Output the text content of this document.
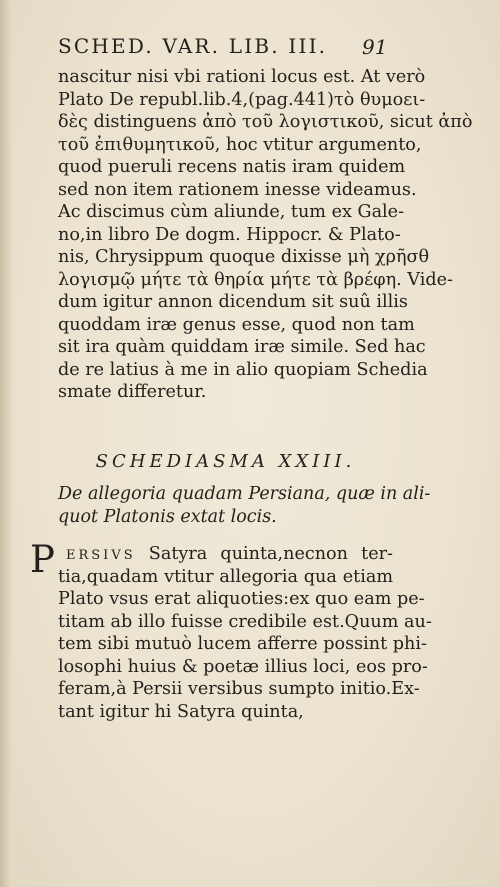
SCHED. VAR. LIB. III.	91
nascitur nisi vbi rationi locus est. At verò
Plato De republ.lib.4,(pag.441)τὸ θυμοει-
δὲς distinguens ἀπὸ τοῦ λογιστικοῦ, sicut ἀπὸ
τοῦ ἐπιθυμητικοῦ, hoc vtitur argumento,
quod pueruli recens natis iram quidem
sed non item rationem inesse videamus.
Ac discimus cùm aliunde, tum ex Gale-
no,in libro De dogm. Hippocr. & Plato-
nis, Chrysippum quoque dixisse μὴ χρῆσθ
λογισμῷ μήτε τὰ θηρία μήτε τὰ βρέφη. Vide-
dum igitur annon dicendum sit suû illis
quoddam iræ genus esse, quod non tam
sit ira quàm quiddam iræ simile. Sed hac
de re latius à me in alio quopiam Schedia
smate differetur.
SCHEDIASMA XXIII.
De allegoria quadam Persiana, quæ in ali-
quot Platonis extat locis.
P ERSIVS Satyra quinta,necnon ter-
tia,quadam vtitur allegoria qua etiam
Plato vsus erat aliquoties:ex quo eam pe-
titam ab illo fuisse credibile est.Quum au-
tem sibi mutuò lucem afferre possint phi-
losophi huius & poetæ illius loci, eos pro-
feram,à Persii versibus sumpto initio.Ex-
tant igitur hi Satyra quinta,
